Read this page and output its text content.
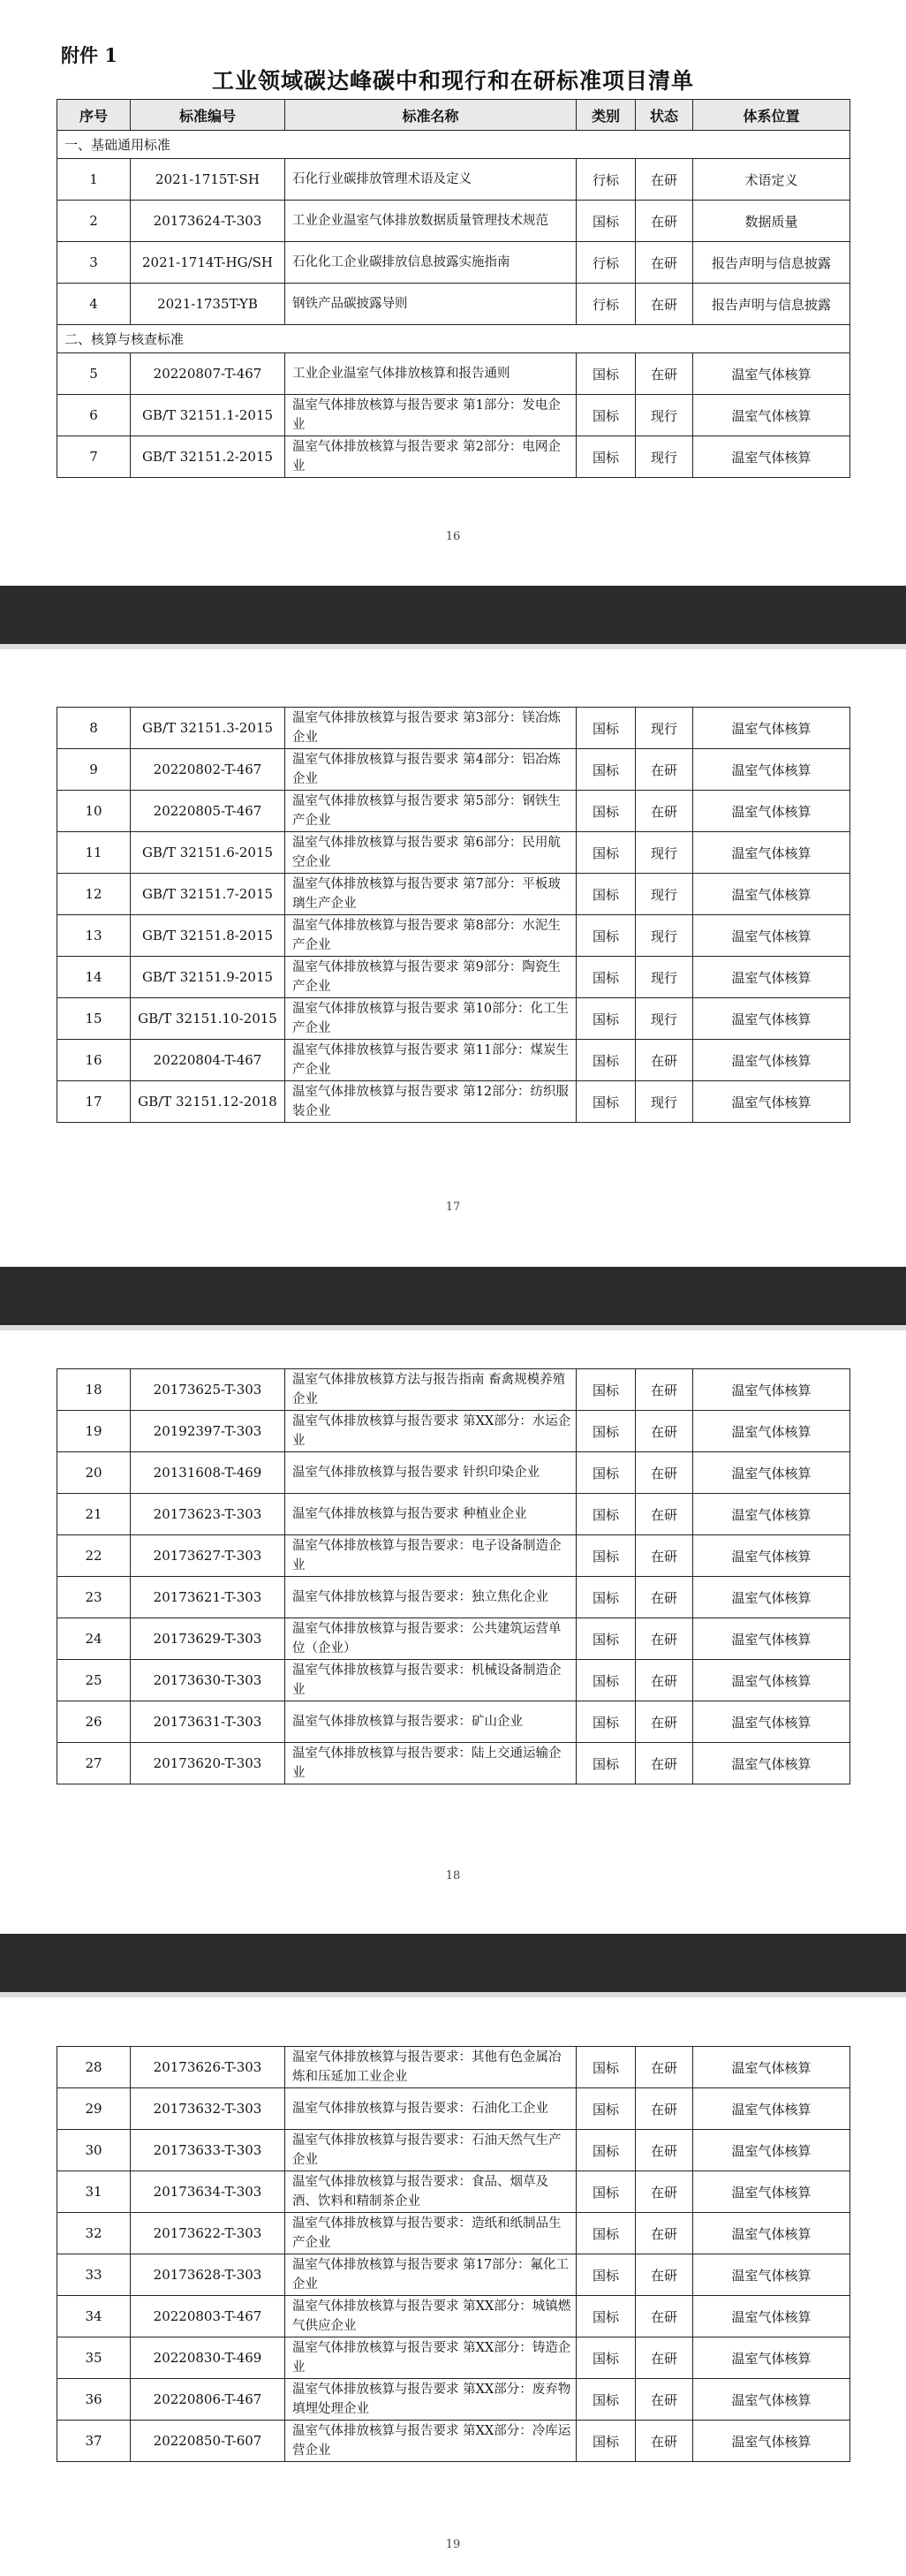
附件 1
工业领域碳达峰碳中和现行和在研标准项目清单
序号	标准编号	标准名称	类别	状态	体系位置
一、基础通用标准					
1	2021-1715T-SH	石化行业碳排放管理术语及定义	行标	在研	术语定义
2	20173624-T-303	工业企业温室气体排放数据质量管理技术规范	国标	在研	数据质量
3	2021-1714T-HG/SH	石化化工企业碳排放信息披露实施指南	行标	在研	报告声明与信息披露
4	2021-1735T-YB	钢铁产品碳披露导则	行标	在研	报告声明与信息披露
二、核算与核查标准					
5	20220807-T-467	工业企业温室气体排放核算和报告通则	国标	在研	温室气体核算
6	GB/T 32151.1-2015	温室气体排放核算与报告要求 第1部分：发电企业	国标	现行	温室气体核算
7	GB/T 32151.2-2015	温室气体排放核算与报告要求 第2部分：电网企业	国标	现行	温室气体核算
16
8	GB/T 32151.3-2015	温室气体排放核算与报告要求 第3部分：镁冶炼企业	国标	现行	温室气体核算
9	20220802-T-467	温室气体排放核算与报告要求 第4部分：铝冶炼企业	国标	在研	温室气体核算
10	20220805-T-467	温室气体排放核算与报告要求 第5部分：钢铁生产企业	国标	在研	温室气体核算
11	GB/T 32151.6-2015	温室气体排放核算与报告要求 第6部分：民用航空企业	国标	现行	温室气体核算
12	GB/T 32151.7-2015	温室气体排放核算与报告要求 第7部分：平板玻璃生产企业	国标	现行	温室气体核算
13	GB/T 32151.8-2015	温室气体排放核算与报告要求 第8部分：水泥生产企业	国标	现行	温室气体核算
14	GB/T 32151.9-2015	温室气体排放核算与报告要求 第9部分：陶瓷生产企业	国标	现行	温室气体核算
15	GB/T 32151.10-2015	温室气体排放核算与报告要求 第10部分：化工生产企业	国标	现行	温室气体核算
16	20220804-T-467	温室气体排放核算与报告要求 第11部分：煤炭生产企业	国标	在研	温室气体核算
17	GB/T 32151.12-2018	温室气体排放核算与报告要求 第12部分：纺织服装企业	国标	现行	温室气体核算
17
18	20173625-T-303	温室气体排放核算方法与报告指南 畜禽规模养殖企业	国标	在研	温室气体核算
19	20192397-T-303	温室气体排放核算与报告要求 第XX部分：水运企业	国标	在研	温室气体核算
20	20131608-T-469	温室气体排放核算与报告要求 针织印染企业	国标	在研	温室气体核算
21	20173623-T-303	温室气体排放核算与报告要求 种植业企业	国标	在研	温室气体核算
22	20173627-T-303	温室气体排放核算与报告要求：电子设备制造企业	国标	在研	温室气体核算
23	20173621-T-303	温室气体排放核算与报告要求：独立焦化企业	国标	在研	温室气体核算
24	20173629-T-303	温室气体排放核算与报告要求：公共建筑运营单位（企业）	国标	在研	温室气体核算
25	20173630-T-303	温室气体排放核算与报告要求：机械设备制造企业	国标	在研	温室气体核算
26	20173631-T-303	温室气体排放核算与报告要求：矿山企业	国标	在研	温室气体核算
27	20173620-T-303	温室气体排放核算与报告要求：陆上交通运输企业	国标	在研	温室气体核算
18
28	20173626-T-303	温室气体排放核算与报告要求：其他有色金属冶炼和压延加工业企业	国标	在研	温室气体核算
29	20173632-T-303	温室气体排放核算与报告要求：石油化工企业	国标	在研	温室气体核算
30	20173633-T-303	温室气体排放核算与报告要求：石油天然气生产企业	国标	在研	温室气体核算
31	20173634-T-303	温室气体排放核算与报告要求：食品、烟草及酒、饮料和精制茶企业	国标	在研	温室气体核算
32	20173622-T-303	温室气体排放核算与报告要求：造纸和纸制品生产企业	国标	在研	温室气体核算
33	20173628-T-303	温室气体排放核算与报告要求 第17部分：氟化工企业	国标	在研	温室气体核算
34	20220803-T-467	温室气体排放核算与报告要求 第XX部分：城镇燃气供应企业	国标	在研	温室气体核算
35	20220830-T-469	温室气体排放核算与报告要求 第XX部分：铸造企业	国标	在研	温室气体核算
36	20220806-T-467	温室气体排放核算与报告要求 第XX部分：废弃物填埋处理企业	国标	在研	温室气体核算
37	20220850-T-607	温室气体排放核算与报告要求 第XX部分：冷库运营企业	国标	在研	温室气体核算
19
